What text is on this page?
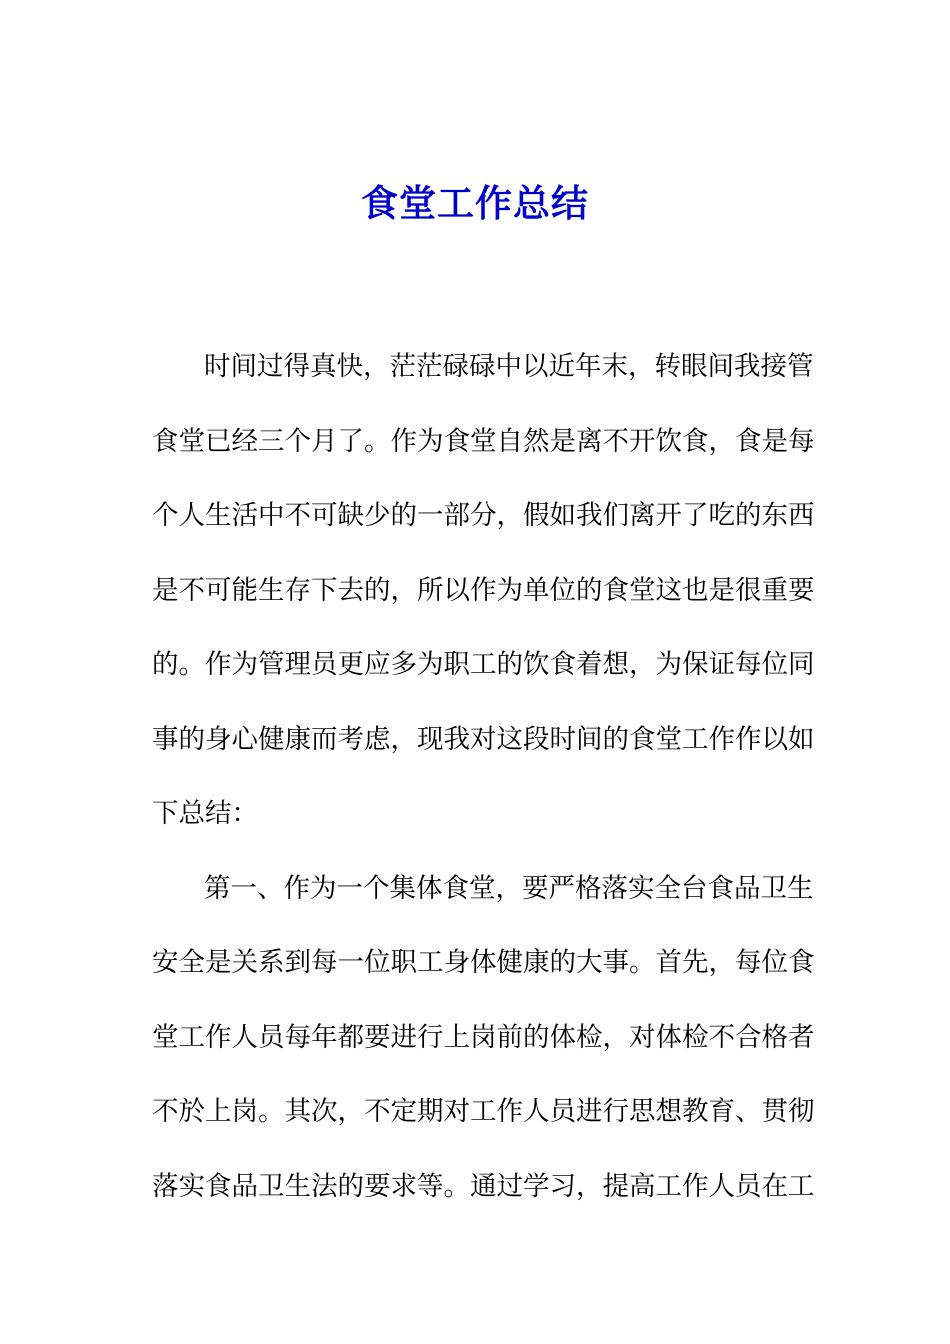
食堂工作总结
时间过得真快，茫茫碌碌中以近年末，转眼间我接管
食堂已经三个月了。作为食堂自然是离不开饮食，食是每
个人生活中不可缺少的一部分，假如我们离开了吃的东西
是不可能生存下去的，所以作为单位的食堂这也是很重要
的。作为管理员更应多为职工的饮食着想，为保证每位同
事的身心健康而考虑，现我对这段时间的食堂工作作以如
下总结：
第一、作为一个集体食堂，要严格落实全台食品卫生
安全是关系到每一位职工身体健康的大事。首先，每位食
堂工作人员每年都要进行上岗前的体检，对体检不合格者
不於上岗。其次，不定期对工作人员进行思想教育、贯彻
落实食品卫生法的要求等。通过学习，提高工作人员在工
